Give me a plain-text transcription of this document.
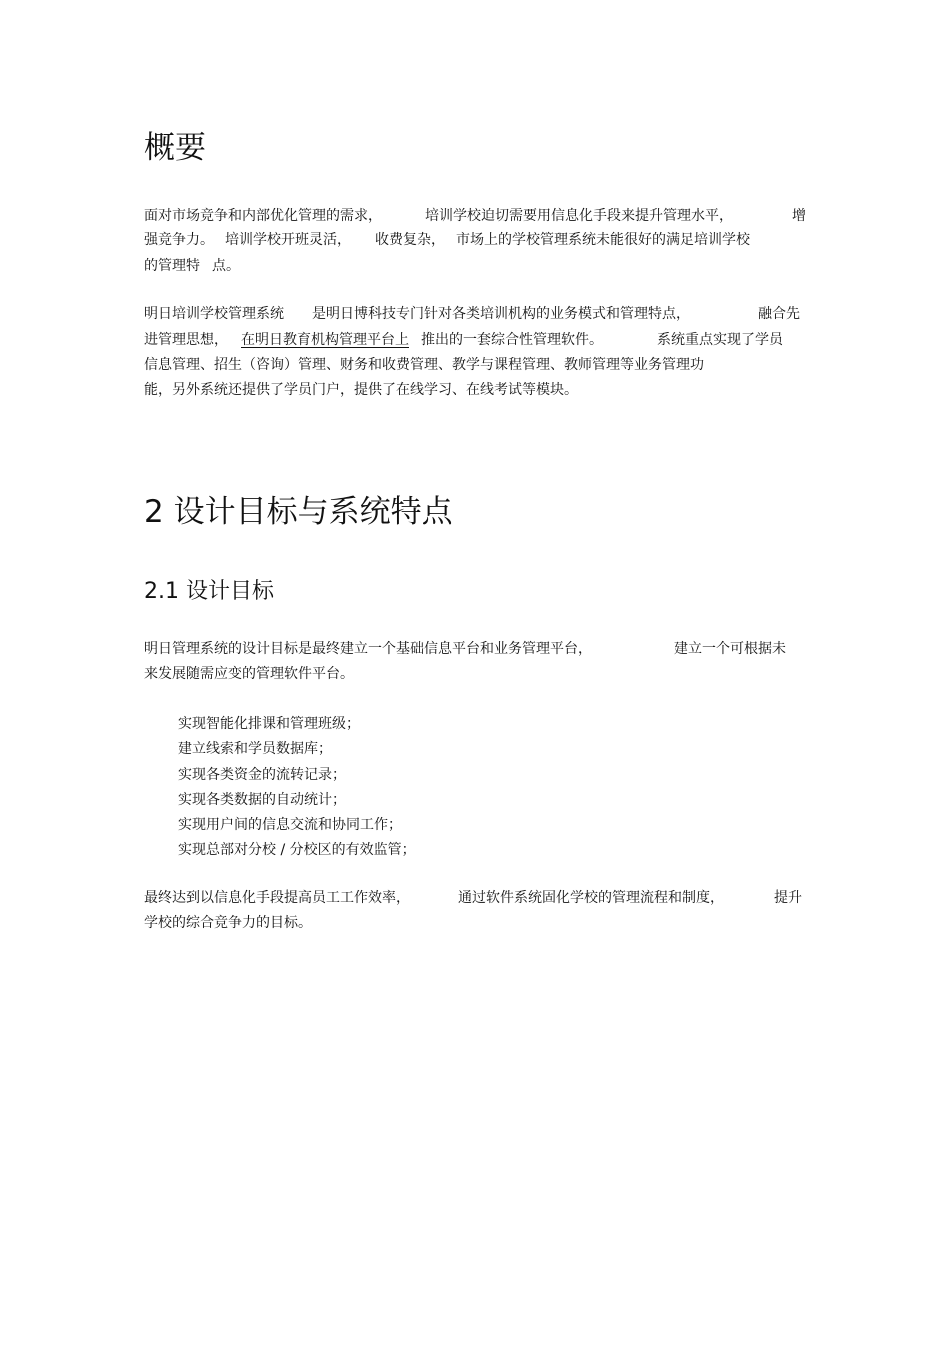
概要
面对市场竞争和内部优化管理的需求，	培训学校迫切需要用信息化手段来提升管理水平，	增
强竞争力。 培训学校开班灵活， 收费复杂， 市场上的学校管理系统未能很好的满足培训学校
的管理特 点。
明日培训学校管理系统 是明日博科技专门针对各类培训机构的业务模式和管理特点，	融合先
进管理思想， 在明日教育机构管理平台上 推出的一套综合性管理软件。	系统重点实现了学员
信息管理、招生（咨询）管理、财务和收费管理、教学与课程管理、教师管理等业务管理功
能，另外系统还提供了学员门户，提供了在线学习、在线考试等模块。
2 设计目标与系统特点
2.1 设计目标
明日管理系统的设计目标是最终建立一个基础信息平台和业务管理平台，	建立一个可根据未
来发展随需应变的管理软件平台。
实现智能化排课和管理班级；
建立线索和学员数据库；
实现各类资金的流转记录；
实现各类数据的自动统计；
实现用户间的信息交流和协同工作；
实现总部对分校 / 分校区的有效监管；
最终达到以信息化手段提高员工工作效率，	通过软件系统固化学校的管理流程和制度，	提升
学校的综合竞争力的目标。
